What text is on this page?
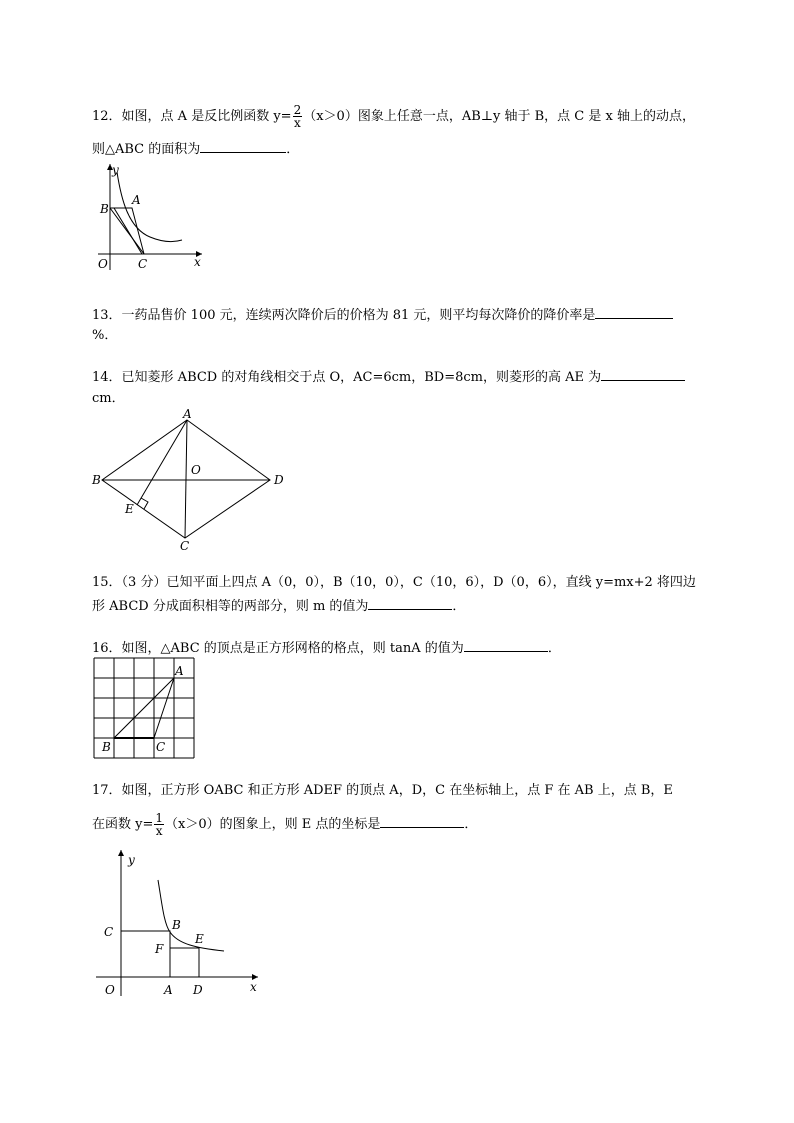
12．如图，点 A 是反比例函数 $y= \frac{2}{x} (x>0)$图象上任意一点，AB⊥y 轴于 B，点 C 是 x 轴上的动点，
则△ABC 的面积为	．
y
x
O
B
A
C
13．一药品售价 100 元，连续两次降价后的价格为 81 元，则平均每次降价的降价率是
%．
14．已知菱形 ABCD 的对角线相交于点 O，AC=6cm，BD=8cm，则菱形的高 AE 为
cm．
A
B	D
O
E
C
15．（3 分）已知平面上四点 A（0，0），B（10，0），C（10，6），D（0，6），直线 y=mx+2 将四边
形 ABCD 分成面积相等的两部分，则 m 的值为	．
16．如图，△ABC 的顶点是正方形网格的格点，则 tanA 的值为	．
A
B	C
17．如图，正方形 OABC 和正方形 ADEF 的顶点 A，D，C 在坐标轴上，点 F 在 AB 上，点 B，E
在函数 $y= \frac{1}{x} (x>0)$的图象上，则 E 点的坐标是	．
y
x
O
C	B
F
E
A D
